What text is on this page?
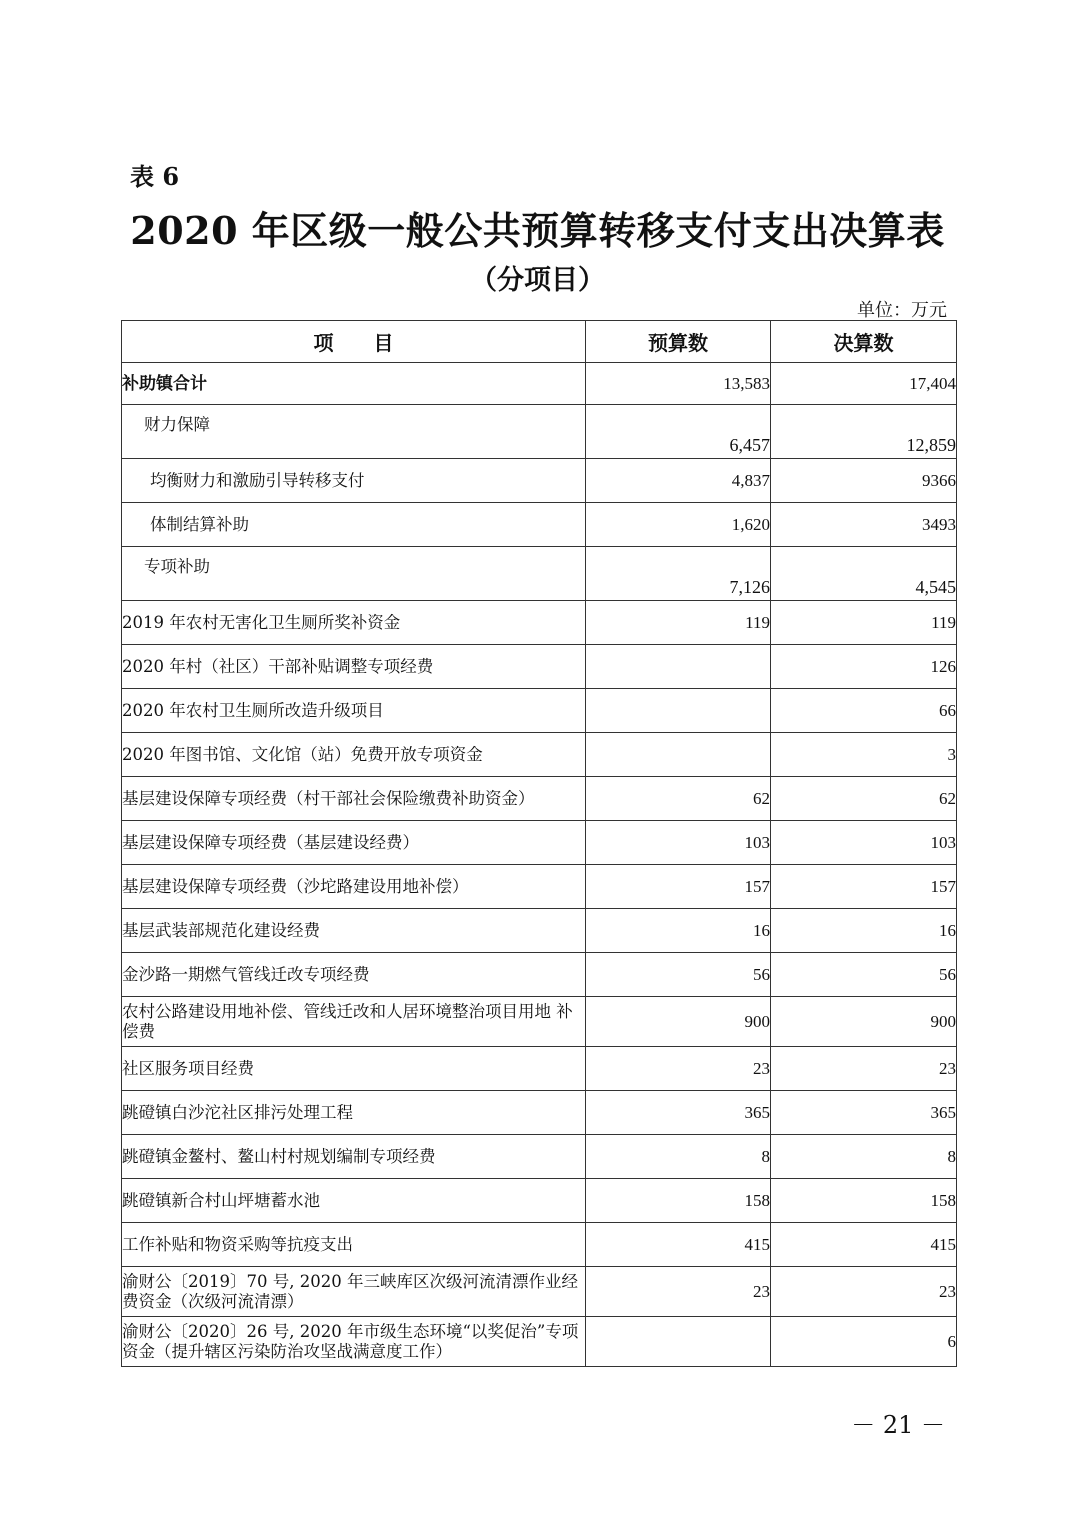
表 6
2020 年区级一般公共预算转移支付支出决算表
（分项目）
单位：万元
项　　目	预算数	决算数
补助镇合计	13,583	17,404
财力保障	6,457	12,859
均衡财力和激励引导转移支付	4,837	9366
体制结算补助	1,620	3493
专项补助	7,126	4,545
2019 年农村无害化卫生厕所奖补资金	119	119
2020 年村（社区）干部补贴调整专项经费		126
2020 年农村卫生厕所改造升级项目		66
2020 年图书馆、文化馆（站）免费开放专项资金		3
基层建设保障专项经费（村干部社会保险缴费补助资金）	62	62
基层建设保障专项经费（基层建设经费）	103	103
基层建设保障专项经费（沙坨路建设用地补偿）	157	157
基层武装部规范化建设经费	16	16
金沙路一期燃气管线迁改专项经费	56	56
农村公路建设用地补偿、管线迁改和人居环境整治项目用地 补偿费	900	900
社区服务项目经费	23	23
跳磴镇白沙沱社区排污处理工程	365	365
跳磴镇金鳌村、鳌山村村规划编制专项经费	8	8
跳磴镇新合村山坪塘蓄水池	158	158
工作补贴和物资采购等抗疫支出	415	415
渝财公〔2019〕70 号, 2020 年三峡库区次级河流清漂作业经费资金（次级河流清漂）	23	23
渝财公〔2020〕26 号, 2020 年市级生态环境“以奖促治”专项资金（提升辖区污染防治攻坚战满意度工作）		6
－ 21 －
